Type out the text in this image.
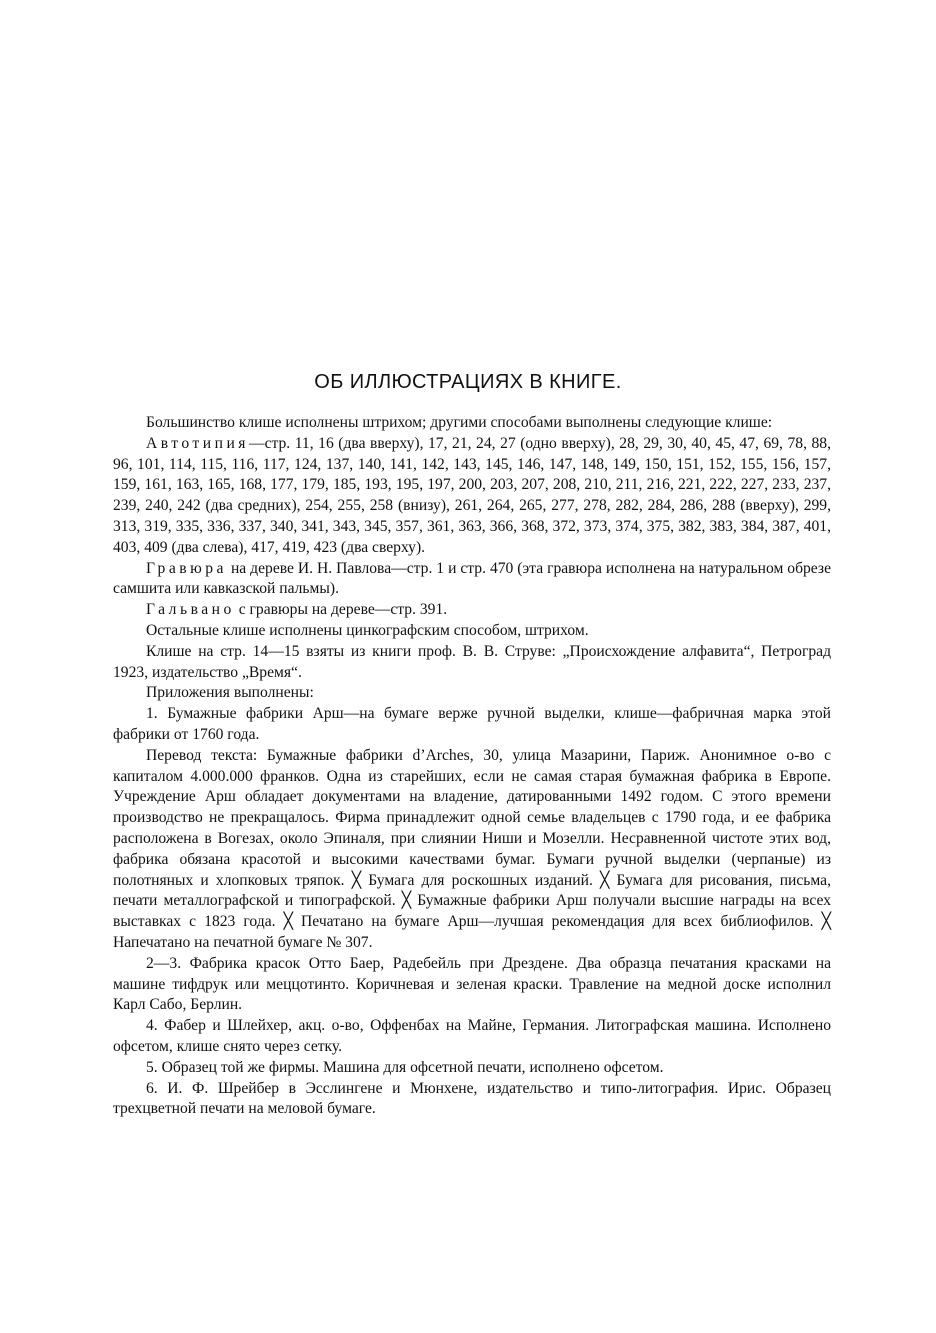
ОБ ИЛЛЮСТРАЦИЯХ В КНИГЕ.

Большинство клише исполнены штрихом; другими способами выполнены следующие клише:

Автотипия—стр. 11, 16 (два вверху), 17, 21, 24, 27 (одно вверху), 28, 29, 30, 40, 45, 47, 69, 78, 88, 96, 101, 114, 115, 116, 117, 124, 137, 140, 141, 142, 143, 145, 146, 147, 148, 149, 150, 151, 152, 155, 156, 157, 159, 161, 163, 165, 168, 177, 179, 185, 193, 195, 197, 200, 203, 207, 208, 210, 211, 216, 221, 222, 227, 233, 237, 239, 240, 242 (два средних), 254, 255, 258 (внизу), 261, 264, 265, 277, 278, 282, 284, 286, 288 (вверху), 299, 313, 319, 335, 336, 337, 340, 341, 343, 345, 357, 361, 363, 366, 368, 372, 373, 374, 375, 382, 383, 384, 387, 401, 403, 409 (два слева), 417, 419, 423 (два сверху).

Гравюра на дереве И. Н. Павлова—стр. 1 и стр. 470 (эта гравюра исполнена на натуральном обрезе самшита или кавказской пальмы).

Гальвано с гравюры на дереве—стр. 391.

Остальные клише исполнены цинкографским способом, штрихом.

Клише на стр. 14—15 взяты из книги проф. В. В. Струве: „Происхождение алфавита“, Петроград 1923, издательство „Время“.

Приложения выполнены:

1. Бумажные фабрики Арш—на бумаге верже ручной выделки, клише—фабричная марка этой фабрики от 1760 года.

Перевод текста: Бумажные фабрики d’Arches, 30, улица Мазарини, Париж. Анонимное о-во с капиталом 4.000.000 франков. Одна из старейших, если не самая старая бумажная фабрика в Европе. Учреждение Арш обладает документами на владение, датированными 1492 годом. С этого времени производство не прекращалось. Фирма принадлежит одной семье владельцев с 1790 года, и ее фабрика расположена в Вогезах, около Эпиналя, при слиянии Ниши и Мозелли. Несравненной чистоте этих вод, фабрика обязана красотой и высокими качествами бумаг. Бумаги ручной выделки (черпаные) из полотняных и хлопковых тряпок. ╳ Бумага для роскошных изданий. ╳ Бумага для рисования, письма, печати металлографской и типографской. ╳ Бумажные фабрики Арш получали высшие награды на всех выставках с 1823 года. ╳ Печатано на бумаге Арш—лучшая рекомендация для всех библиофилов. ╳ Напечатано на печатной бумаге № 307.

2—3. Фабрика красок Отто Баер, Радебейль при Дрездене. Два образца печатания красками на машине тифдрук или меццотинто. Коричневая и зеленая краски. Травление на медной доске исполнил Карл Сабо, Берлин.

4. Фабер и Шлейхер, акц. о-во, Оффенбах на Майне, Германия. Литографская машина. Исполнено офсетом, клише снято через сетку.

5. Образец той же фирмы. Машина для офсетной печати, исполнено офсетом.

6. И. Ф. Шрейбер в Эсслингене и Мюнхене, издательство и типо-литография. Ирис. Образец трехцветной печати на меловой бумаге.
